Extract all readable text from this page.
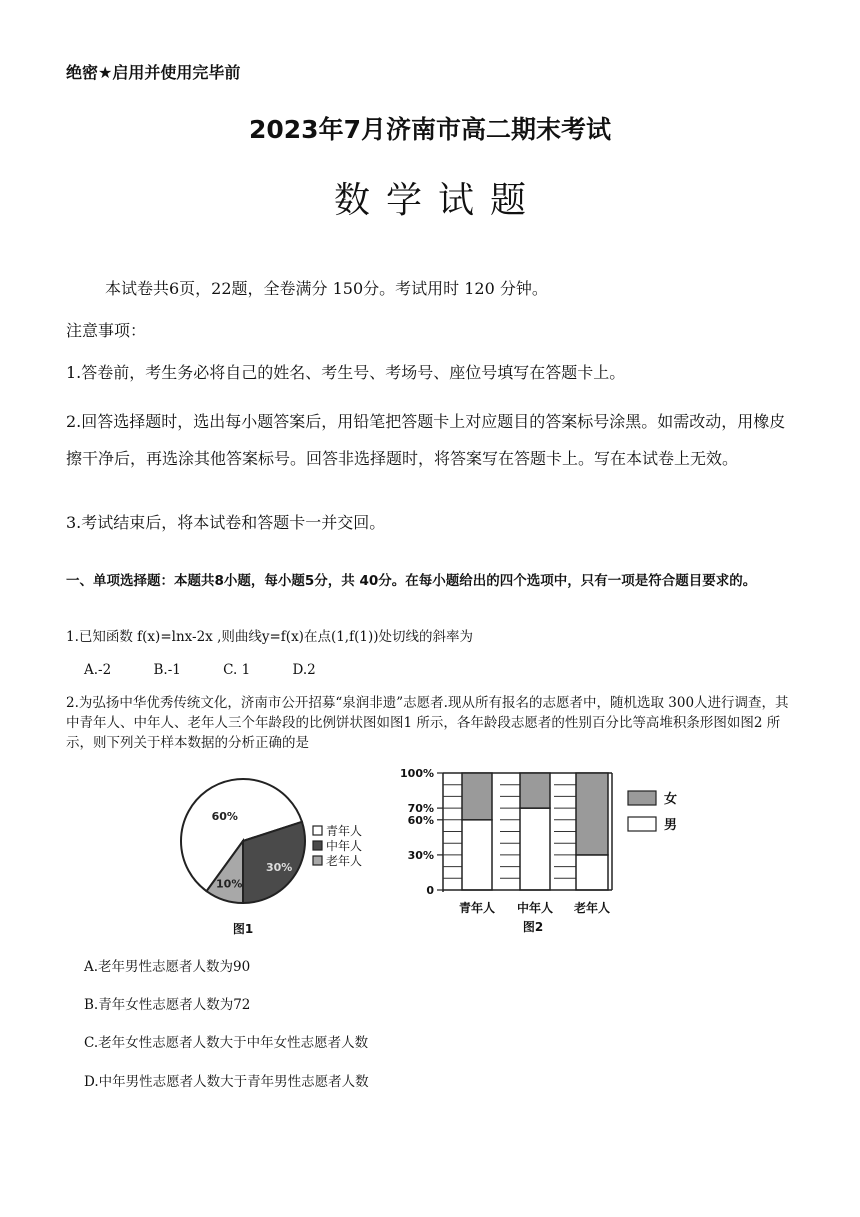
绝密★启用并使用完毕前
2023年7月济南市高二期末考试
数学试题
本试卷共6页，22题，全卷满分 150分。考试用时 120 分钟。
注意事项：
1.答卷前，考生务必将自己的姓名、考生号、考场号、座位号填写在答题卡上。
2.回答选择题时，选出每小题答案后，用铅笔把答题卡上对应题目的答案标号涂黑。如需改动，用橡皮擦干净后，再选涂其他答案标号。回答非选择题时，将答案写在答题卡上。写在本试卷上无效。
3.考试结束后，将本试卷和答题卡一并交回。
一、单项选择题：本题共8小题，每小题5分，共 40分。在每小题给出的四个选项中，只有一项是符合题目要求的。
1.已知函数 f(x)=lnx-2x ,则曲线y=f(x)在点(1,f(1))处切线的斜率为
A.-2	B.-1	C. 1	D.2
2.为弘扬中华优秀传统文化，济南市公开招募“泉润非遗”志愿者.现从所有报名的志愿者中，随机选取 300人进行调查，其中青年人、中年人、老年人三个年龄段的比例饼状图如图1 所示，各年龄段志愿者的性别百分比等高堆积条形图如图2 所示，则下列关于样本数据的分析正确的是
60%
30%
10%
青年人
中年人
老年人
图1
0
30%
60%
70%
100%
青年人 中年人 老年人
女
男
图2
A.老年男性志愿者人数为90
B.青年女性志愿者人数为72
C.老年女性志愿者人数大于中年女性志愿者人数
D.中年男性志愿者人数大于青年男性志愿者人数
